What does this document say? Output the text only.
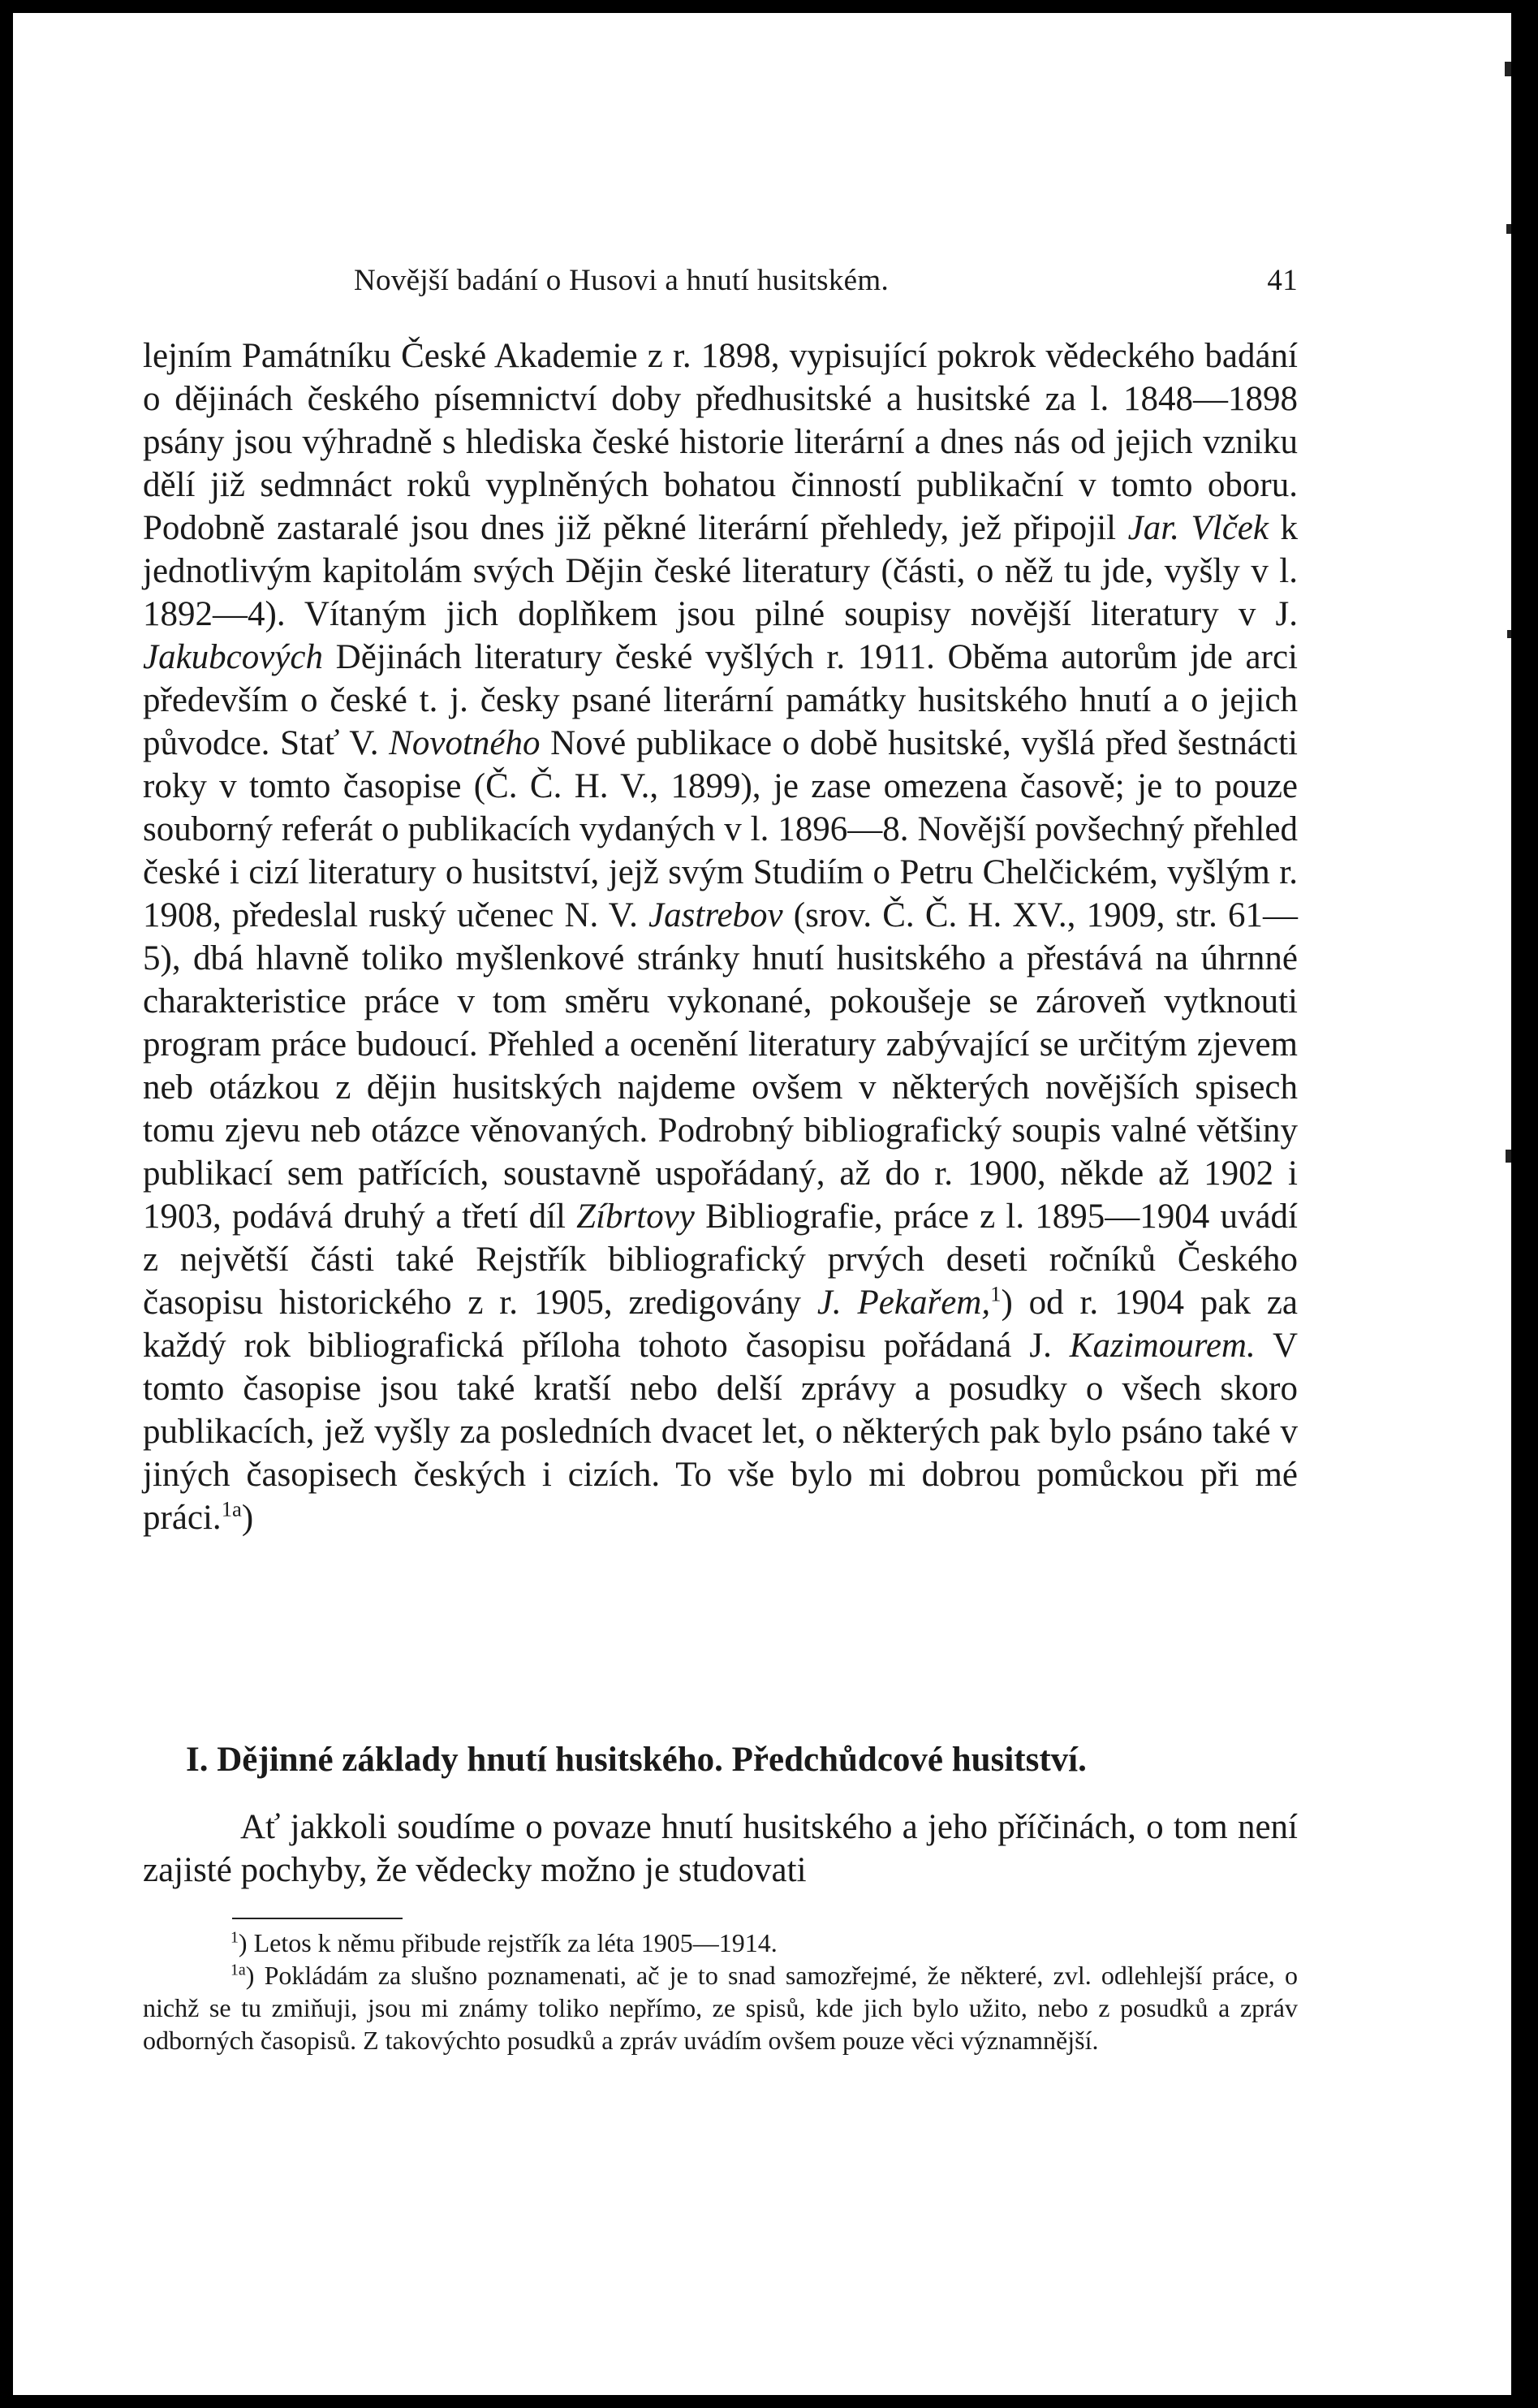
Novější badání o Husovi a hnutí husitském.	41

lejním Památníku České Akademie z r. 1898, vypisující pokrok vědeckého badání o dějinách českého písemnictví doby předhusitské a husitské za l. 1848—1898 psány jsou výhradně s hlediska české historie literární a dnes nás od jejich vzniku dělí již sedmnáct roků vyplněných bohatou činností publikační v tomto oboru. Podobně zastaralé jsou dnes již pěkné literární přehledy, jež připojil Jar. Vlček k jednotlivým kapitolám svých Dějin české literatury (části, o něž tu jde, vyšly v l. 1892—4). Vítaným jich doplňkem jsou pilné soupisy novější literatury v J. Jakubcových Dějinách literatury české vyšlých r. 1911. Oběma autorům jde arci především o české t. j. česky psané literární památky husitského hnutí a o jejich původce. Stať V. Novotného Nové publikace o době husitské, vyšlá před šestnácti roky v tomto časopise (Č. Č. H. V., 1899), je zase omezena časově; je to pouze souborný referát o publikacích vydaných v l. 1896—8. Novější povšechný přehled české i cizí literatury o husitství, jejž svým Studiím o Petru Chelčickém, vyšlým r. 1908, předeslal ruský učenec N. V. Jastrebov (srov. Č. Č. H. XV., 1909, str. 61—5), dbá hlavně toliko myšlenkové stránky hnutí husitského a přestává na úhrnné charakteristice práce v tom směru vykonané, pokoušeje se zároveň vytknouti program práce budoucí. Přehled a ocenění literatury zabývající se určitým zjevem neb otázkou z dějin husitských najdeme ovšem v některých novějších spisech tomu zjevu neb otázce věnovaných. Podrobný bibliografický soupis valné většiny publikací sem patřících, soustavně uspořádaný, až do r. 1900, někde až 1902 i 1903, podává druhý a třetí díl Zíbrtovy Bibliografie, práce z l. 1895—1904 uvádí z největší části také Rejstřík bibliografický prvých deseti ročníků Českého časopisu historického z r. 1905, zredigovány J. Pekařem,$^1$) od r. 1904 pak za každý rok bibliografická příloha tohoto časopisu pořádaná J. Kazimourem. V tomto časopise jsou také kratší nebo delší zprávy a posudky o všech skoro publikacích, jež vyšly za posledních dvacet let, o některých pak bylo psáno také v jiných časopisech českých i cizích. To vše bylo mi dobrou pomůckou při mé práci.$^{1a}$)

I. Dějinné základy hnutí husitského. Předchůdcové husitství.

Ať jakkoli soudíme o povaze hnutí husitského a jeho příčinách, o tom není zajisté pochyby, že vědecky možno je studovati

$^1$) Letos k němu přibude rejstřík za léta 1905—1914.

$^{1a}$) Pokládám za slušno poznamenati, ač je to snad samozřejmé, že některé, zvl. odlehlejší práce, o nichž se tu zmiňuji, jsou mi známy toliko nepřímo, ze spisů, kde jich bylo užito, nebo z posudků a zpráv odborných časopisů. Z takovýchto posudků a zpráv uvádím ovšem pouze věci významnější.
